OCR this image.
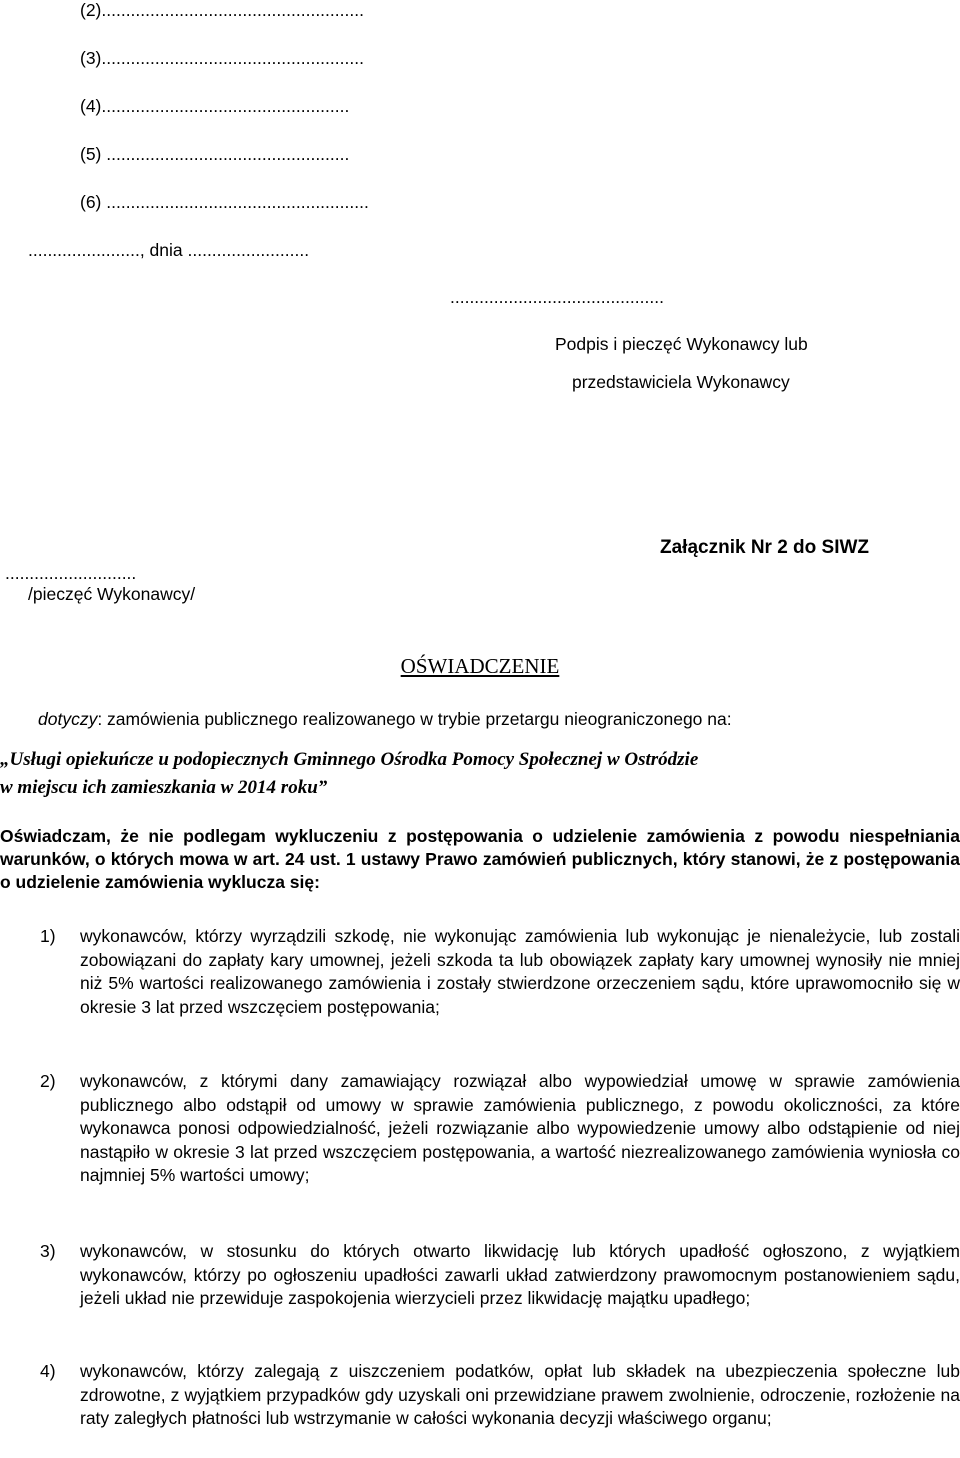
(2)......................................................
(3)......................................................
(4)...................................................
(5) ..................................................
(6) ......................................................
......................., dnia .........................
............................................
Podpis i pieczęć Wykonawcy lub
przedstawiciela Wykonawcy
...........................
/pieczęć Wykonawcy/
Załącznik Nr 2 do SIWZ
OŚWIADCZENIE
dotyczy: zamówienia publicznego realizowanego w trybie przetargu nieograniczonego na:
„Usługi opiekuńcze u podopiecznych Gminnego Ośrodka Pomocy Społecznej w Ostródzie
w miejscu ich zamieszkania w 2014 roku”
Oświadczam, że nie podlegam wykluczeniu z postępowania o udzielenie zamówienia z powodu niespełniania warunków, o których mowa w art. 24 ust. 1 ustawy Prawo zamówień publicznych, który stanowi, że z postępowania o udzielenie zamówienia wyklucza się:
1)	wykonawców, którzy wyrządzili szkodę, nie wykonując zamówienia lub wykonując je nienależycie, lub zostali zobowiązani do zapłaty kary umownej, jeżeli szkoda ta lub obowiązek zapłaty kary umownej wynosiły nie mniej niż 5% wartości realizowanego zamówienia i zostały stwierdzone orzeczeniem sądu, które uprawomocniło się w okresie 3 lat przed wszczęciem postępowania;
2)	wykonawców, z którymi dany zamawiający rozwiązał albo wypowiedział umowę w sprawie zamówienia publicznego albo odstąpił od umowy w sprawie zamówienia publicznego, z powodu okoliczności, za które wykonawca ponosi odpowiedzialność, jeżeli rozwiązanie albo wypowiedzenie umowy albo odstąpienie od niej nastąpiło w okresie 3 lat przed wszczęciem postępowania, a wartość niezrealizowanego zamówienia wyniosła co najmniej 5% wartości umowy;
3)	wykonawców, w stosunku do których otwarto likwidację lub których upadłość ogłoszono, z wyjątkiem wykonawców, którzy po ogłoszeniu upadłości zawarli układ zatwierdzony prawomocnym postanowieniem sądu, jeżeli układ nie przewiduje zaspokojenia wierzycieli przez likwidację majątku upadłego;
4)	wykonawców, którzy zalegają z uiszczeniem podatków, opłat lub składek na ubezpieczenia społeczne lub zdrowotne, z wyjątkiem przypadków gdy uzyskali oni przewidziane prawem zwolnienie, odroczenie, rozłożenie na raty zaległych płatności lub wstrzymanie w całości wykonania decyzji właściwego organu;
